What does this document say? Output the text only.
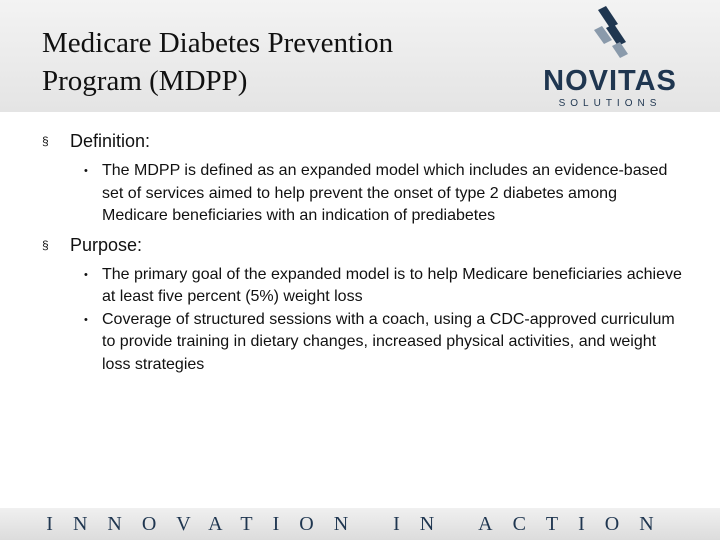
Medicare Diabetes Prevention
Program (MDPP)	NOVITAS
SOLUTIONS
§ Definition:
• The MDPP is defined as an expanded model which includes an evidence-based set of services aimed to help prevent the onset of type 2 diabetes among Medicare beneficiaries with an indication of prediabetes
§ Purpose:
• The primary goal of the expanded model is to help Medicare beneficiaries achieve at least five percent (5%) weight loss
• Coverage of structured sessions with a coach, using a CDC-approved curriculum to provide training in dietary changes, increased physical activities, and weight loss strategies
INNOVATION IN ACTION
